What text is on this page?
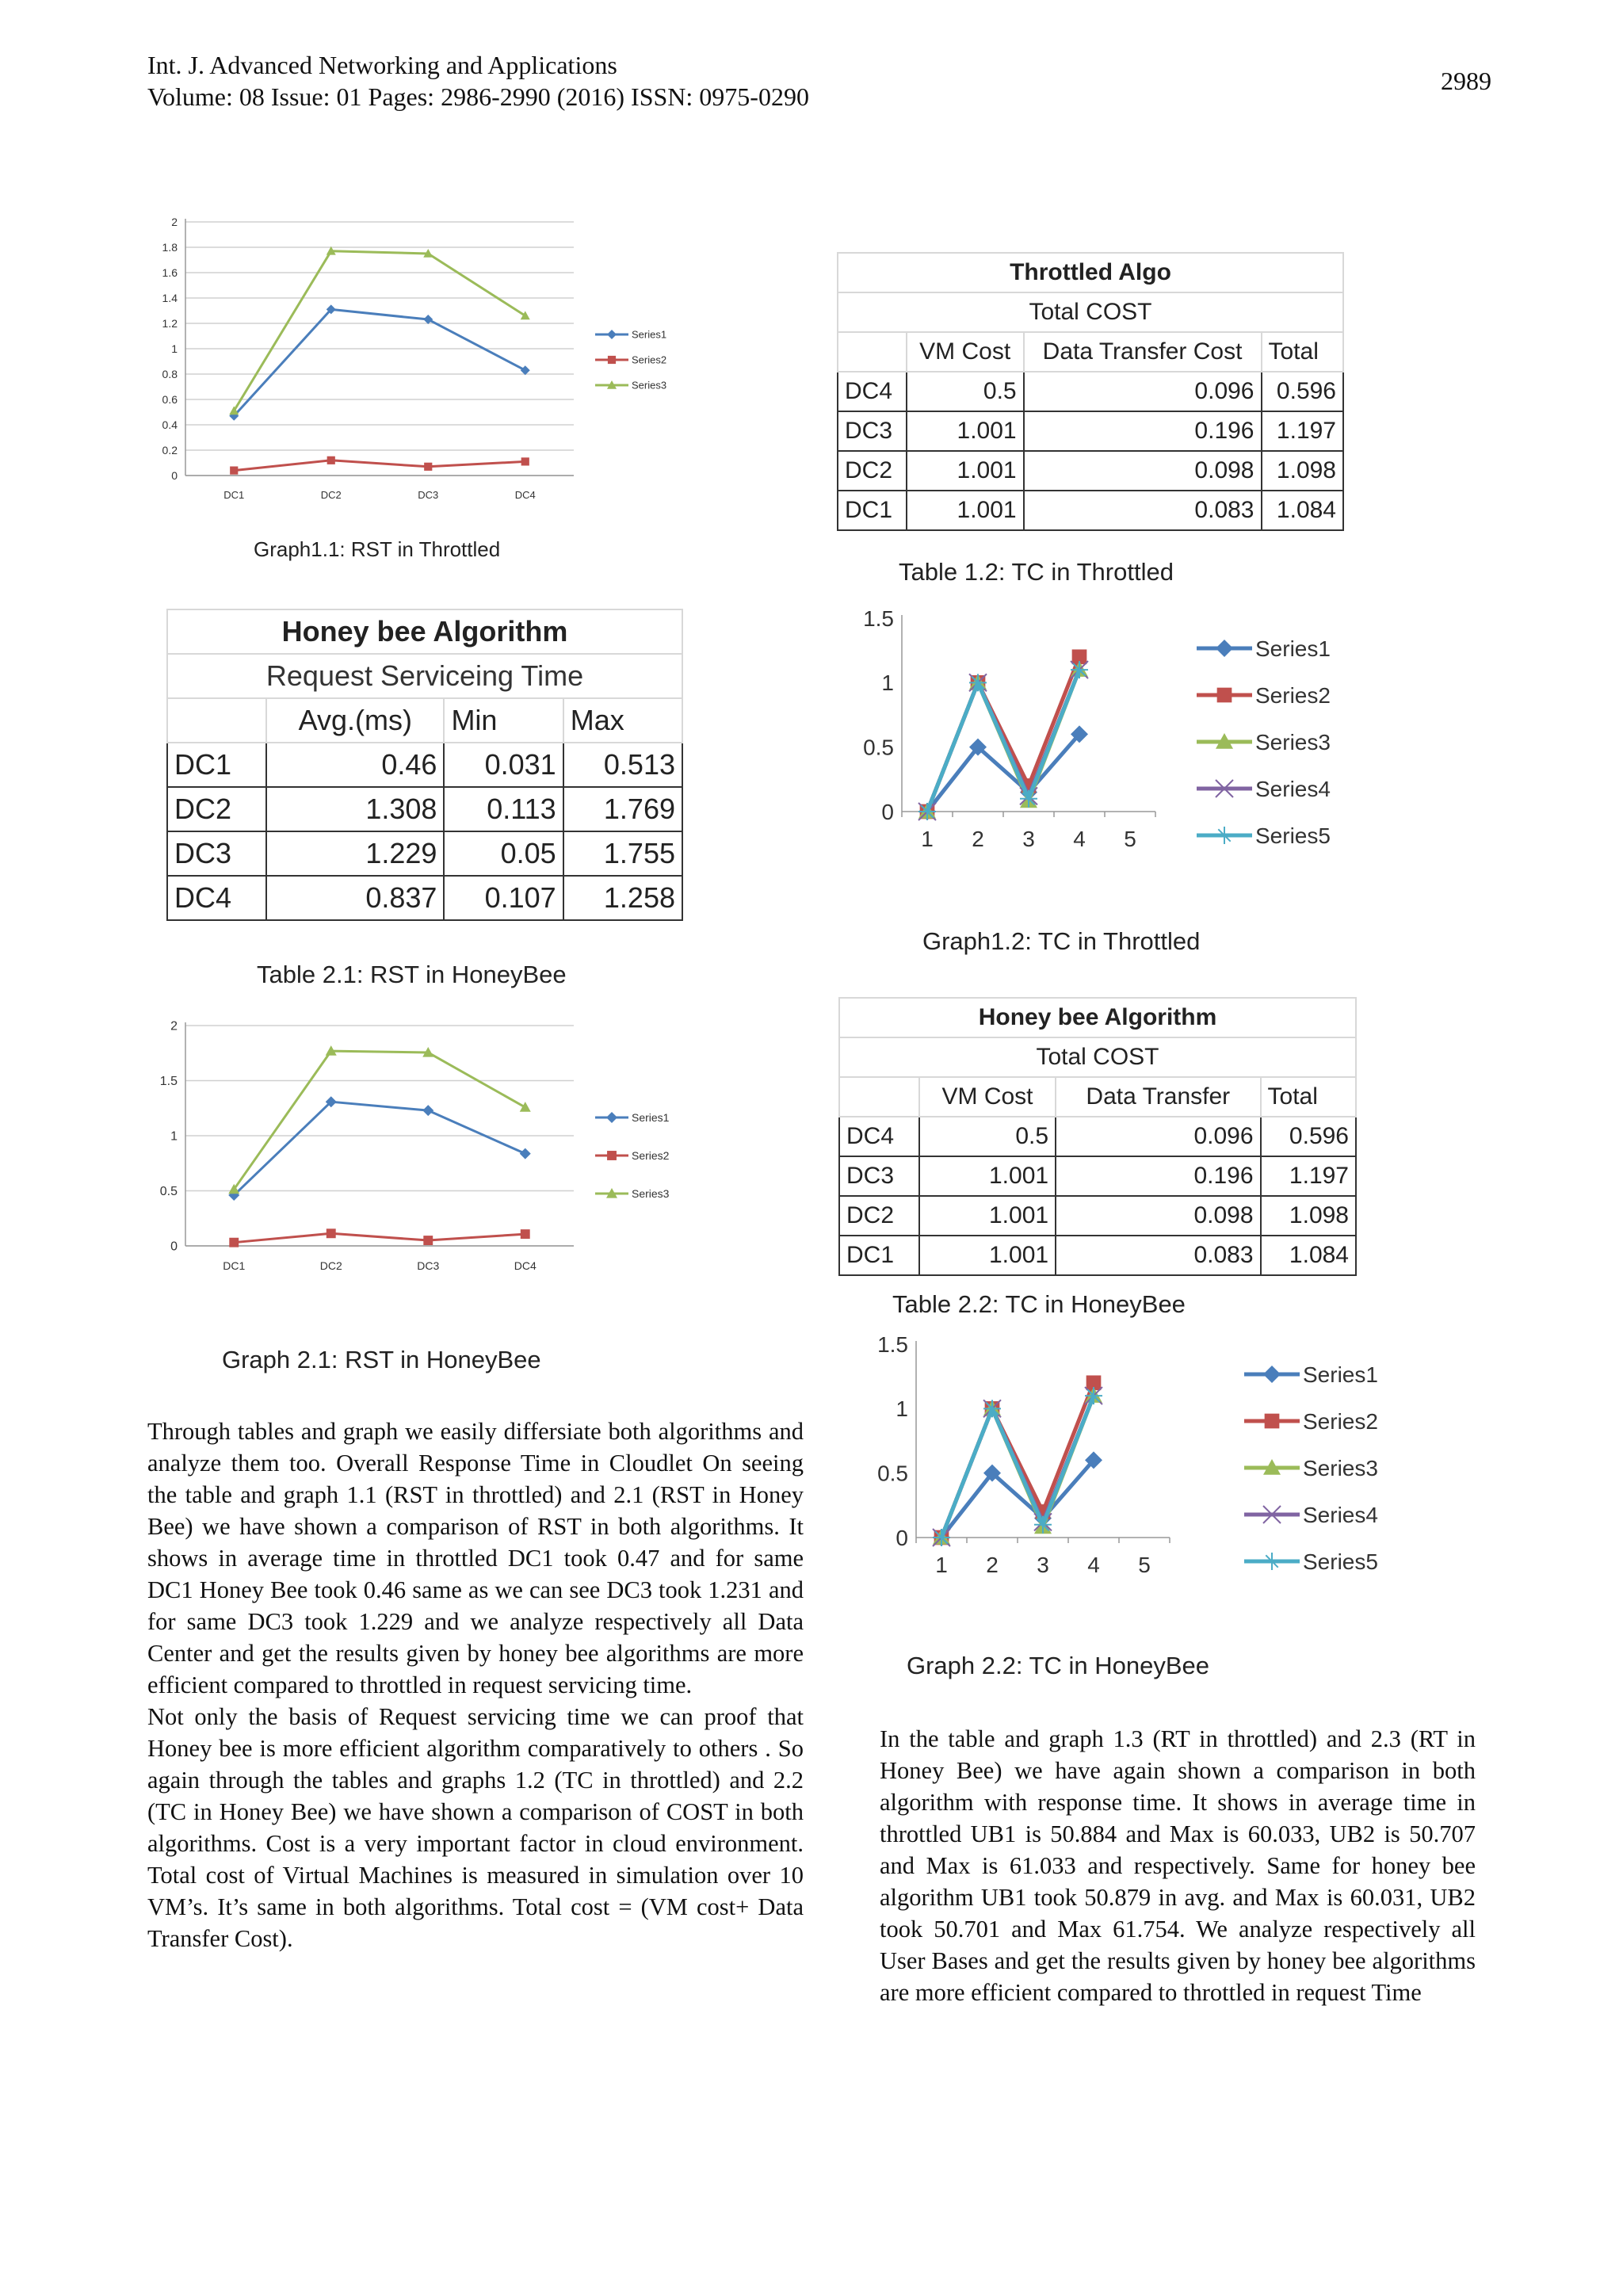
Int. J. Advanced Networking and Applications
Volume: 08 Issue: 01 Pages: 2986-2990 (2016) ISSN: 0975-0290
2989
0
0.2
0.4
0.6
0.8
1
1.2
1.4
1.6
1.8
2
DC1	DC2	DC3	DC4
Series1
Series2
Series3
Graph1.1: RST in Throttled
Honey bee Algorithm			
Request Serviceing Time			
	Avg.(ms)	Min	Max
DC1	0.46	0.031	0.513
DC2	1.308	0.113	1.769
DC3	1.229	0.05	1.755
DC4	0.837	0.107	1.258
Table 2.1: RST in HoneyBee
0
0.5
1
1.5
2
DC1	DC2	DC3	DC4
Series1
Series2
Series3
Graph 2.1: RST in HoneyBee

Through tables and graph we easily differsiate both algorithms and analyze them too. Overall Response Time in Cloudlet On seeing the table and graph 1.1 (RST in throttled) and 2.1 (RST in Honey Bee) we have shown a comparison of RST in both algorithms. It shows in average time in throttled DC1 took 0.47 and for same DC1 Honey Bee took 0.46 same as we can see DC3 took 1.231 and for same DC3 took 1.229 and we analyze respectively all Data Center and get the results given by honey bee algorithms are more efficient compared to throttled in request servicing time.

Not only the basis of Request servicing time we can proof that Honey bee is more efficient algorithm comparatively to others . So again through the tables and graphs 1.2 (TC in throttled) and 2.2 (TC in Honey Bee) we have shown a comparison of COST in both algorithms. Cost is a very important factor in cloud environment. Total cost of Virtual Machines is measured in simulation over 10 VM’s. It’s same in both algorithms. Total cost = (VM cost+ Data Transfer Cost).

Throttled Algo			
Total COST			
	VM Cost	Data Transfer Cost	Total
DC4	0.5	0.096	0.596
DC3	1.001	0.196	1.197
DC2	1.001	0.098	1.098
DC1	1.001	0.083	1.084
Table 1.2: TC in Throttled
0
0.5
1
1.5
1 2 3 4 5
Series1
Series2
Series3
Series4
Series5
Graph1.2: TC in Throttled
Honey bee Algorithm			
Total COST			
	VM Cost	Data Transfer	Total
DC4	0.5	0.096	0.596
DC3	1.001	0.196	1.197
DC2	1.001	0.098	1.098
DC1	1.001	0.083	1.084
Table 2.2: TC in HoneyBee
0
0.5
1
1.5
1 2 3 4 5
Series1
Series2
Series3
Series4
Series5
Graph 2.2: TC in HoneyBee

In the table and graph 1.3 (RT in throttled) and 2.3 (RT in Honey Bee) we have again shown a comparison in both algorithm with response time. It shows in average time in throttled UB1 is 50.884 and Max is 60.033, UB2 is 50.707 and Max is 61.033 and respectively. Same for honey bee algorithm UB1 took 50.879 in avg. and Max is 60.031, UB2 took 50.701 and Max 61.754. We analyze respectively all User Bases and get the results given by honey bee algorithms are more efficient compared to throttled in request Time
